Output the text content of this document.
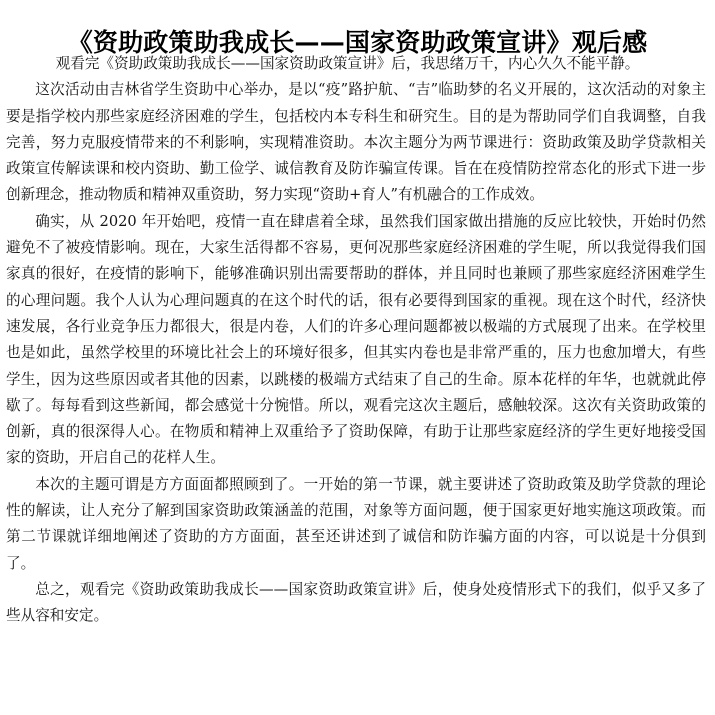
《资助政策助我成长——国家资助政策宣讲》观后感

观看完《资助政策助我成长——国家资助政策宣讲》后，我思绪万千，内心久久不能平静。

这次活动由吉林省学生资助中心举办，是以“疫”路护航、“吉”临助梦的名义开展的，这次活动的对象主要是指学校内那些家庭经济困难的学生，包括校内本专科生和研究生。目的是为帮助同学们自我调整，自我完善，努力克服疫情带来的不利影响，实现精准资助。本次主题分为两节课进行：资助政策及助学贷款相关政策宣传解读课和校内资助、勤工俭学、诚信教育及防诈骗宣传课。旨在在疫情防控常态化的形式下进一步创新理念，推动物质和精神双重资助，努力实现“资助+育人”有机融合的工作成效。

确实，从 2020 年开始吧，疫情一直在肆虐着全球，虽然我们国家做出措施的反应比较快，开始时仍然避免不了被疫情影响。现在，大家生活得都不容易，更何况那些家庭经济困难的学生呢，所以我觉得我们国家真的很好，在疫情的影响下，能够准确识别出需要帮助的群体，并且同时也兼顾了那些家庭经济困难学生的心理问题。我个人认为心理问题真的在这个时代的话，很有必要得到国家的重视。现在这个时代，经济快速发展，各行业竞争压力都很大，很是内卷，人们的许多心理问题都被以极端的方式展现了出来。在学校里也是如此，虽然学校里的环境比社会上的环境好很多，但其实内卷也是非常严重的，压力也愈加增大，有些学生，因为这些原因或者其他的因素，以跳楼的极端方式结束了自己的生命。原本花样的年华，也就就此停歇了。每每看到这些新闻，都会感觉十分惋惜。所以，观看完这次主题后，感触较深。这次有关资助政策的创新，真的很深得人心。在物质和精神上双重给予了资助保障，有助于让那些家庭经济的学生更好地接受国家的资助，开启自己的花样人生。

本次的主题可谓是方方面面都照顾到了。一开始的第一节课，就主要讲述了资助政策及助学贷款的理论性的解读，让人充分了解到国家资助政策涵盖的范围，对象等方面问题，便于国家更好地实施这项政策。而第二节课就详细地阐述了资助的方方面面，甚至还讲述到了诚信和防诈骗方面的内容，可以说是十分俱到了。

总之，观看完《资助政策助我成长——国家资助政策宣讲》后，使身处疫情形式下的我们，似乎又多了些从容和安定。
